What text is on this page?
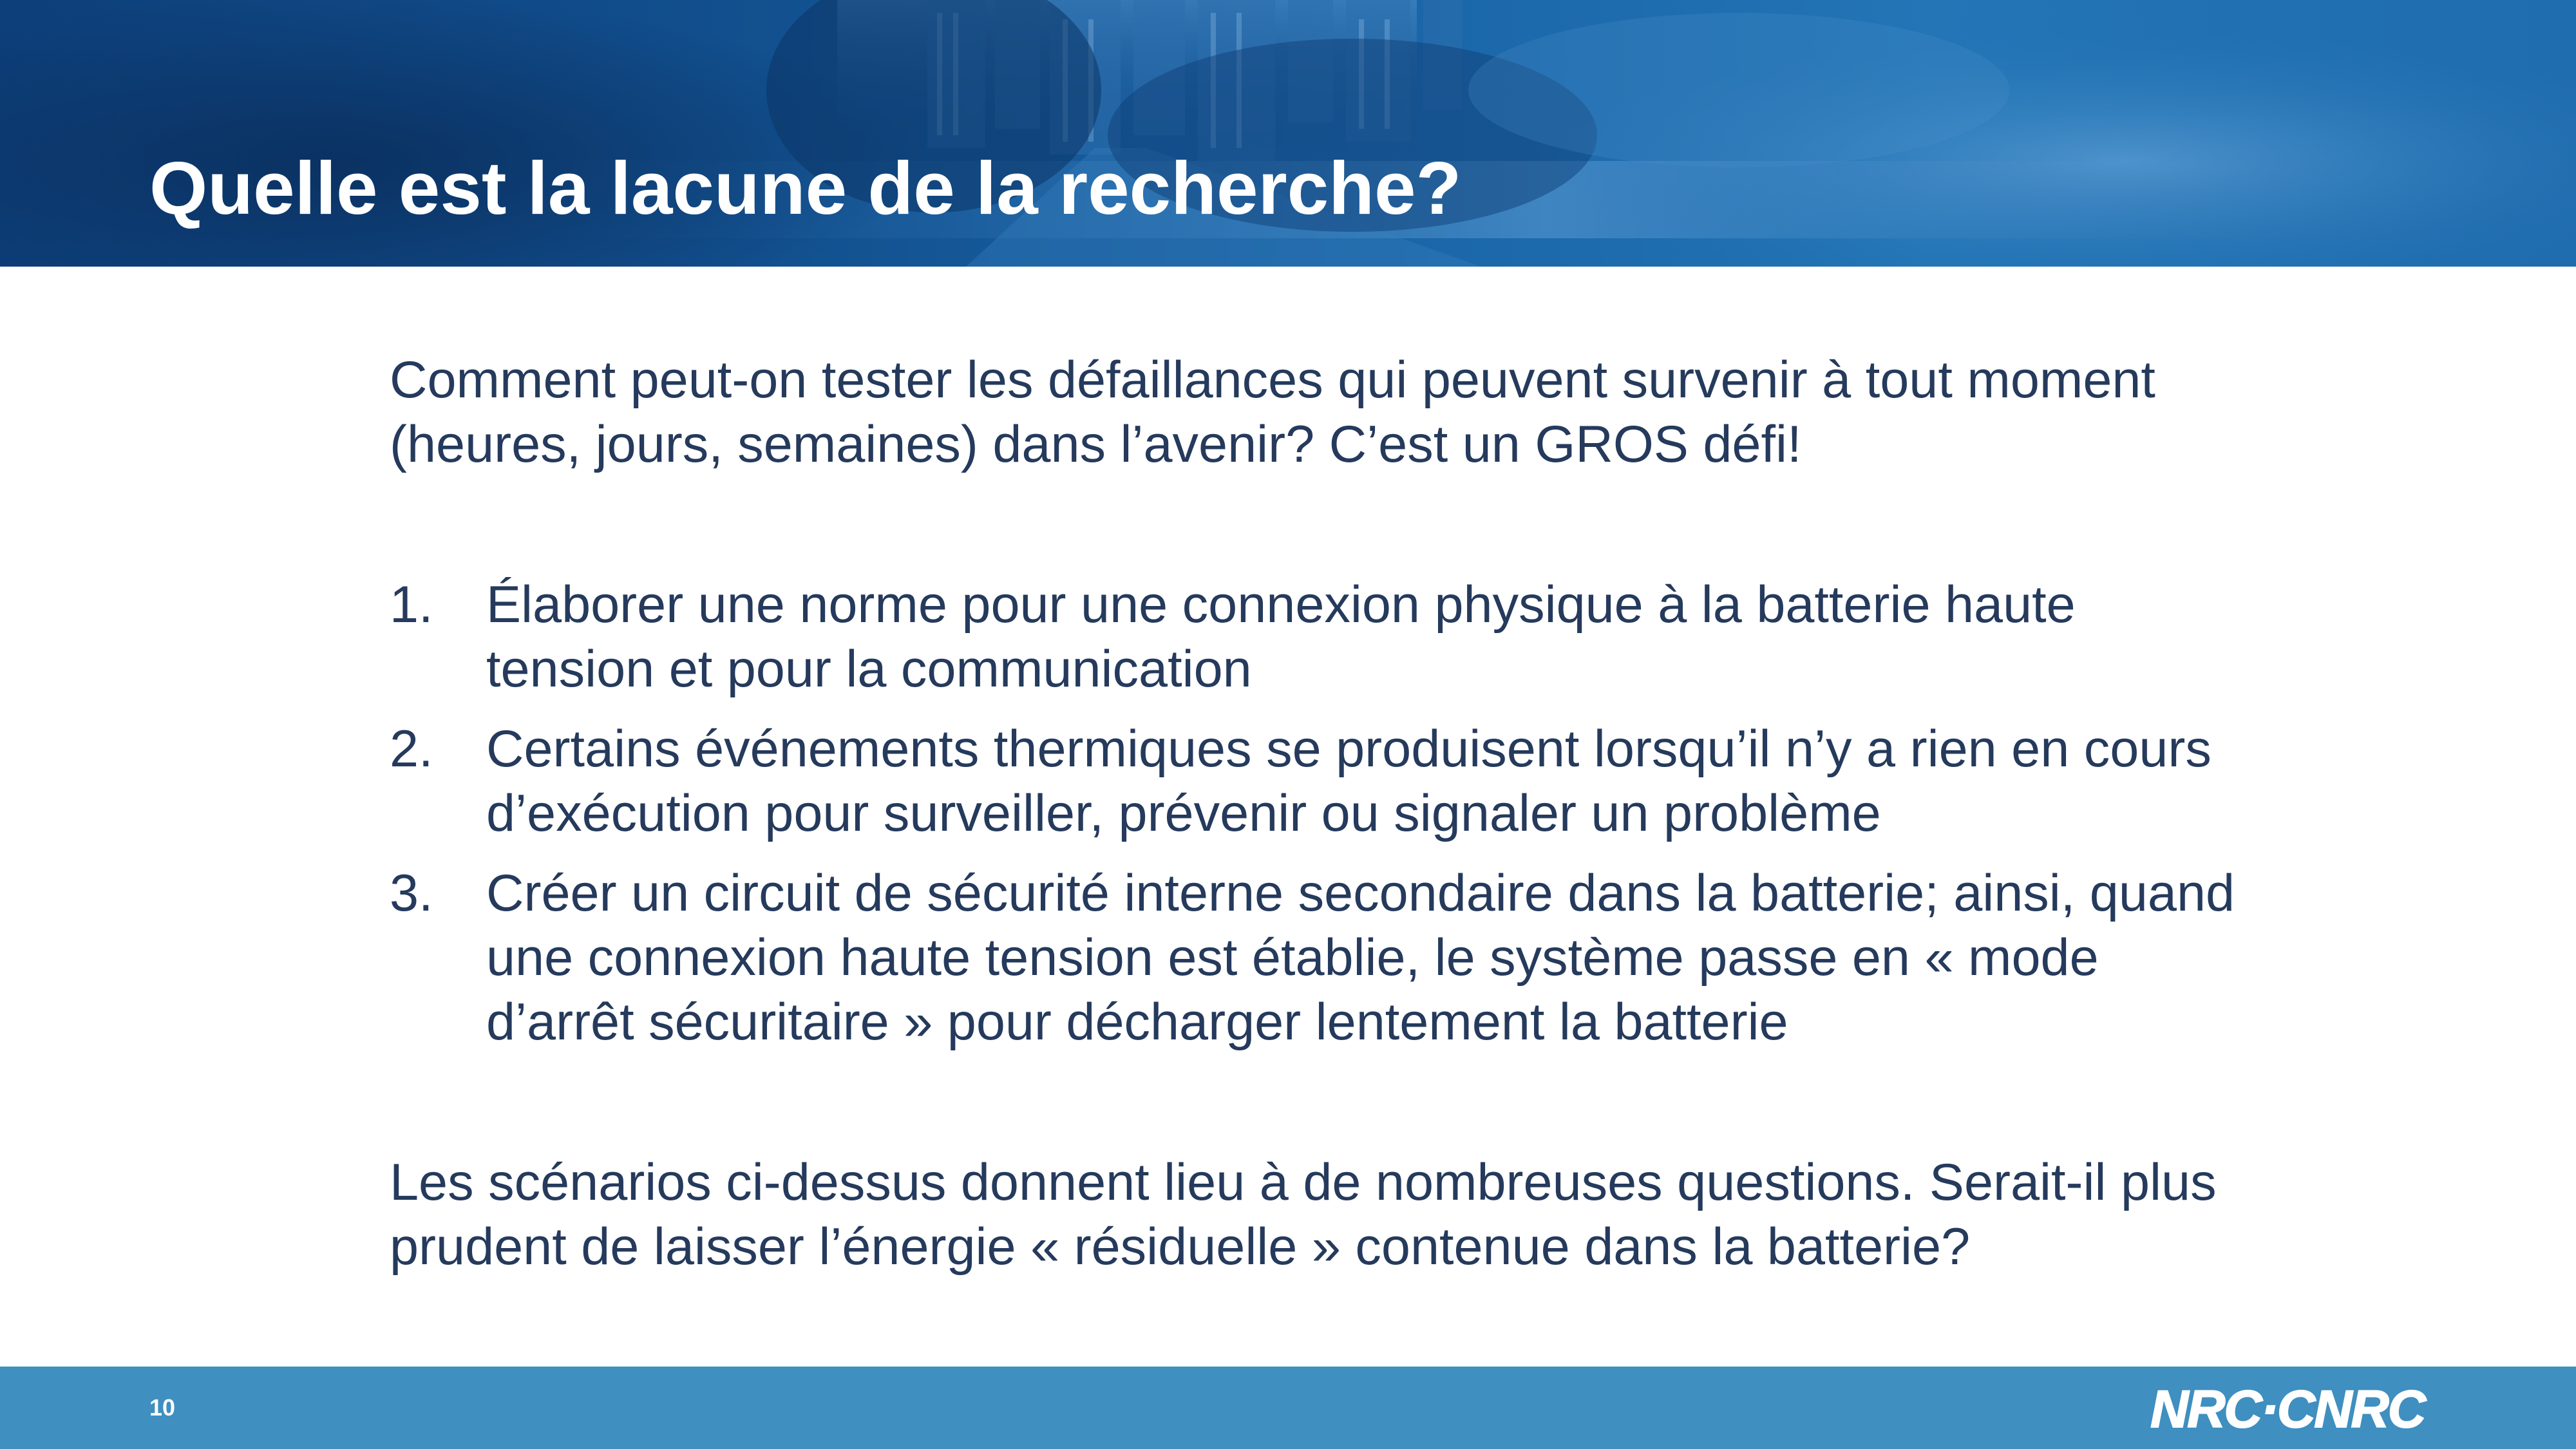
Quelle est la lacune de la recherche?

Comment peut-on tester les défaillances qui peuvent survenir à tout moment (heures, jours, semaines) dans l’avenir? C’est un GROS défi!

1. Élaborer une norme pour une connexion physique à la batterie haute tension et pour la communication
2. Certains événements thermiques se produisent lorsqu’il n’y a rien en cours d’exécution pour surveiller, prévenir ou signaler un problème
3. Créer un circuit de sécurité interne secondaire dans la batterie; ainsi, quand une connexion haute tension est établie, le système passe en « mode d’arrêt sécuritaire » pour décharger lentement la batterie

Les scénarios ci-dessus donnent lieu à de nombreuses questions. Serait-il plus prudent de laisser l’énergie « résiduelle » contenue dans la batterie?

10	NRC·CNRC
